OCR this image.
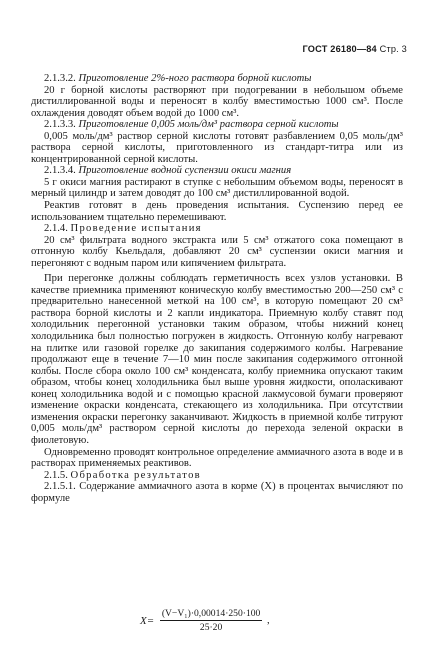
ГОСТ 26180—84 Стр. 3

2.1.3.2. Приготовление 2%-ного раствора борной кислоты

20 г борной кислоты растворяют при подогревании в небольшом объеме дистиллированной воды и переносят в колбу вместимостью 1000 см³. После охлаждения доводят объем водой до 1000 см³.

2.1.3.3. Приготовление 0,005 моль/дм³ раствора серной кислоты

0,005 моль/дм³ раствор серной кислоты готовят разбавлением 0,05 моль/дм³ раствора серной кислоты, приготовленного из стандарт-титра или из концентрированной серной кислоты.

2.1.3.4. Приготовление водной суспензии окиси магния

5 г окиси магния растирают в ступке с небольшим объемом воды, переносят в мерный цилиндр и затем доводят до 100 см³ дистиллированной водой.

Реактив готовят в день проведения испытания. Суспензию перед ее использованием тщательно перемешивают.

2.1.4. Проведение испытания

20 см³ фильтрата водного экстракта или 5 см³ отжатого сока помещают в отгонную колбу Кьельдаля, добавляют 20 см³ суспензии окиси магния и перегоняют с водным паром или кипячением фильтрата.

При перегонке должны соблюдать герметичность всех узлов установки. В качестве приемника применяют коническую колбу вместимостью 200—250 см³ с предварительно нанесенной меткой на 100 см³, в которую помещают 20 см³ раствора борной кислоты и 2 капли индикатора. Приемную колбу ставят под холодильник перегонной установки таким образом, чтобы нижний конец холодильника был полностью погружен в жидкость. Отгонную колбу нагревают на плитке или газовой горелке до закипания содержимого колбы. Нагревание продолжают еще в течение 7—10 мин после закипания содержимого отгонной колбы. После сбора около 100 см³ конденсата, колбу приемника опускают таким образом, чтобы конец холодильника был выше уровня жидкости, ополаскивают конец холодильника водой и с помощью красной лакмусовой бумаги проверяют изменение окраски конденсата, стекающего из холодильника. При отсутствии изменения окраски перегонку заканчивают. Жидкость в приемной колбе титруют 0,005 моль/дм³ раствором серной кислоты до перехода зеленой окраски в фиолетовую.

Одновременно проводят контрольное определение аммиачного азота в воде и в растворах применяемых реактивов.

2.1.5. Обработка результатов

2.1.5.1. Содержание аммиачного азота в корме (X) в процентах вычисляют по формуле

$X= \frac{\text{(V−V₁)·0,00014·250·100}}{25\cdot 20}$ ,
